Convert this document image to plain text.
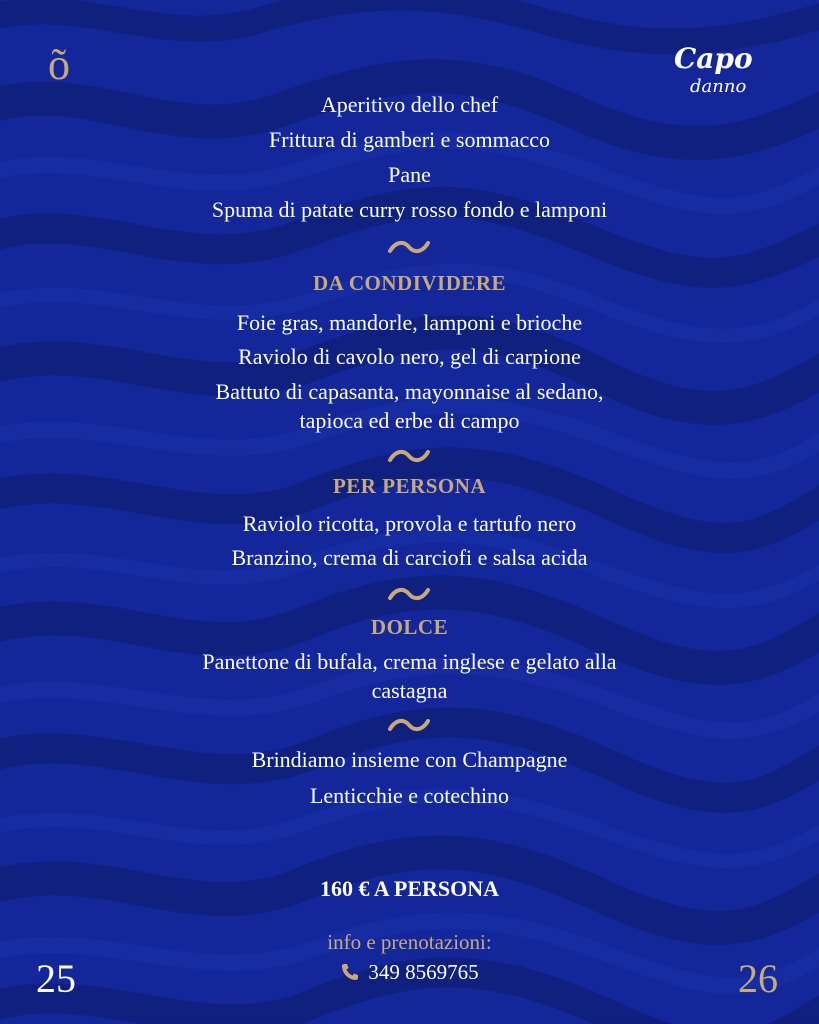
õ	Capo
danno
Aperitivo dello chef
Frittura di gamberi e sommacco
Pane
Spuma di patate curry rosso fondo e lamponi
DA CONDIVIDERE
Foie gras, mandorle, lamponi e brioche
Raviolo di cavolo nero, gel di carpione
Battuto di capasanta, mayonnaise al sedano,
tapioca ed erbe di campo
PER PERSONA
Raviolo ricotta, provola e tartufo nero
Branzino, crema di carciofi e salsa acida
DOLCE
Panettone di bufala, crema inglese e gelato alla
castagna
Brindiamo insieme con Champagne
Lenticchie e cotechino
160 € A PERSONA
info e prenotazioni:
349 8569765
25	26
